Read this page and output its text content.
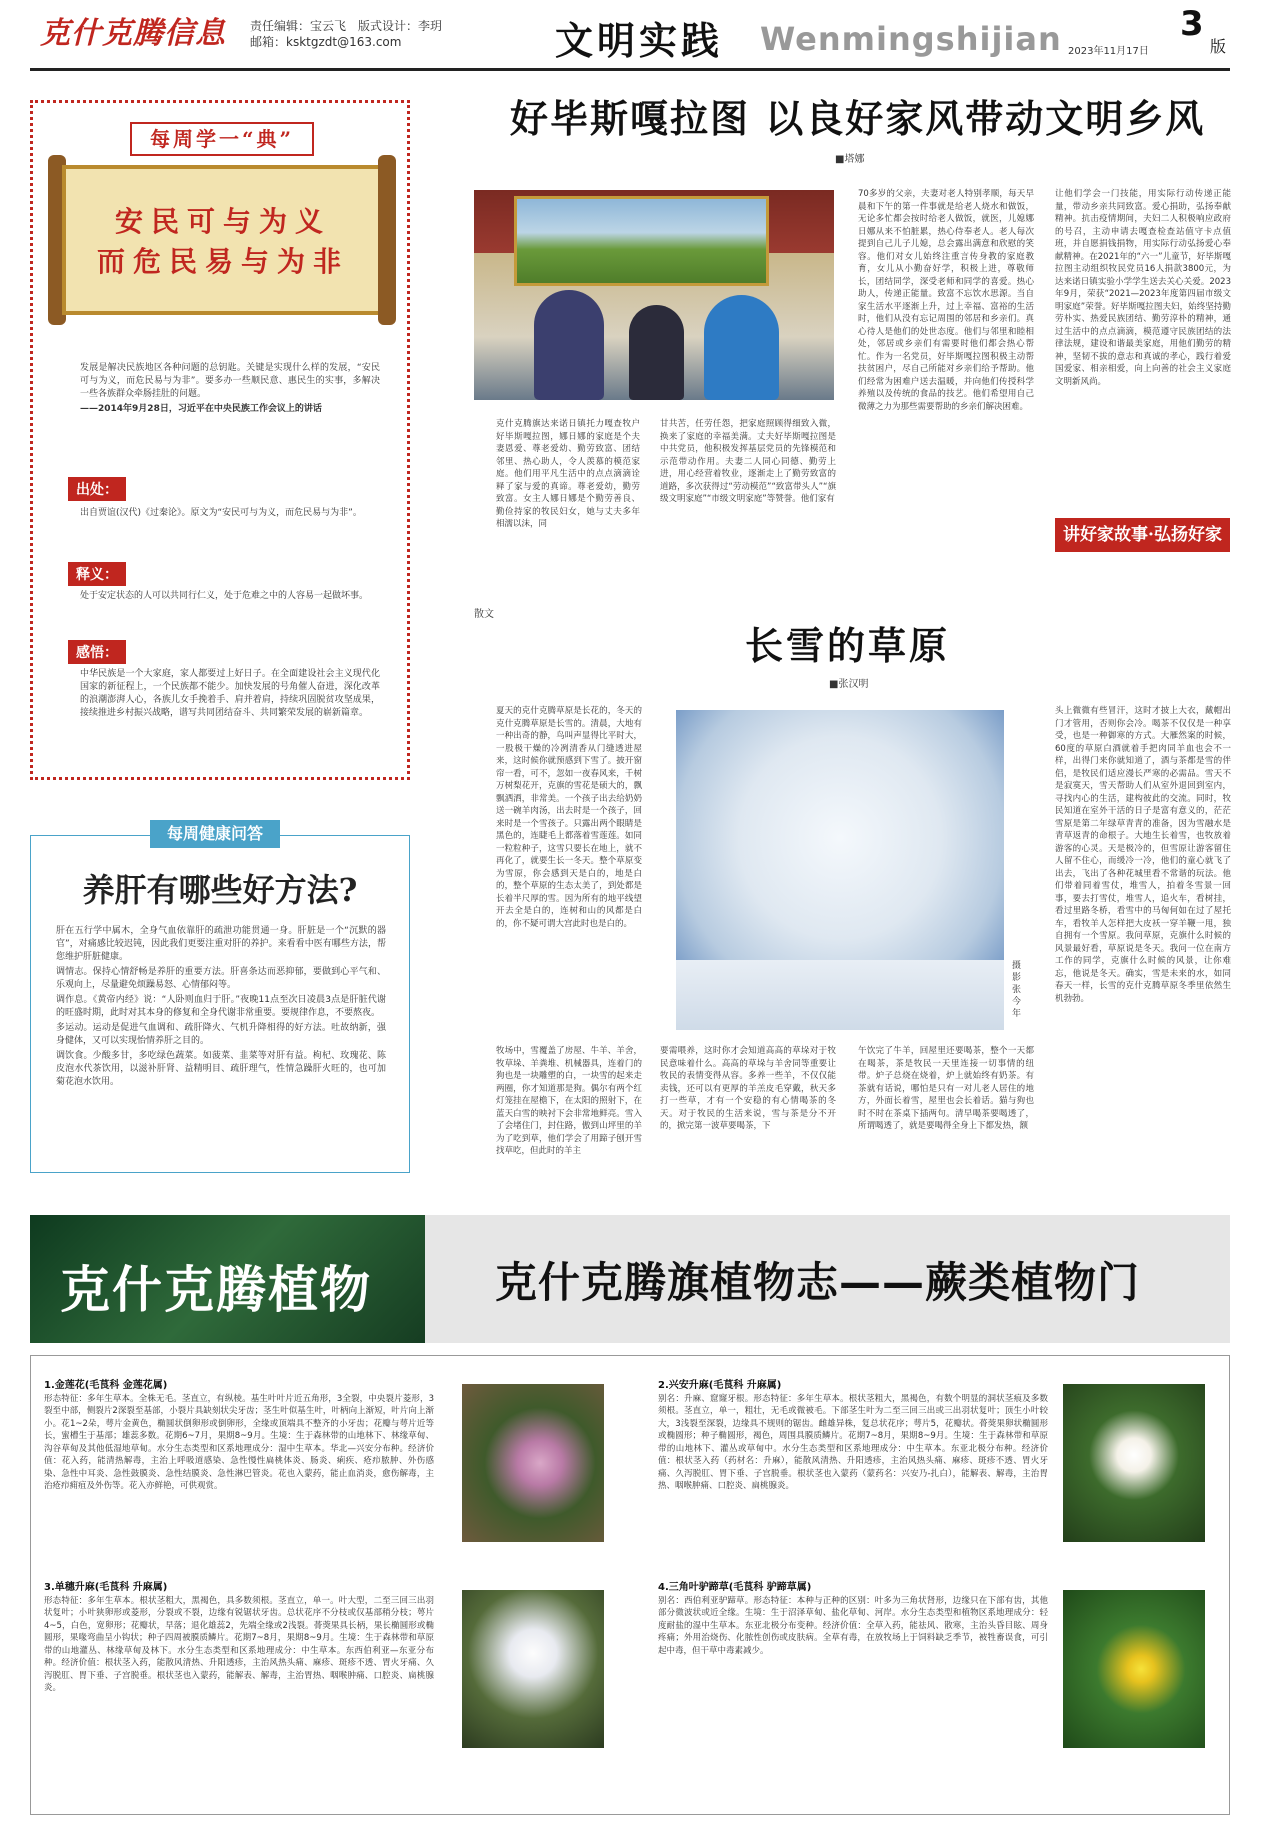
克什克腾信息 责任编辑：宝云飞　版式设计：李玥
邮箱：ksktgzdt@163.com	文明实践 Wenmingshijian 2023年11月17日
3
版
每周学一“典”
安民可与为义
而危民易与为非

发展是解决民族地区各种问题的总钥匙。关键是实现什么样的发展，“安民可与为义，而危民易与为非”。要多办一些顺民意、惠民生的实事，多解决一些各族群众牵肠挂肚的问题。

——2014年9月28日，习近平在中央民族工作会议上的讲话

出处：
出自贾谊(汉代)《过秦论》。原文为“安民可与为义，而危民易与为非”。
释义：
处于安定状态的人可以共同行仁义，处于危难之中的人容易一起做坏事。
感悟：
中华民族是一个大家庭，家人都要过上好日子。在全面建设社会主义现代化国家的新征程上，一个民族都不能少。加快发展的号角催人奋进，深化改革的浪潮澎湃人心，各族儿女手挽着手、肩并着肩，持续巩固脱贫攻坚成果，接续推进乡村振兴战略，谱写共同团结奋斗、共同繁荣发展的崭新篇章。
每周健康问答
养肝有哪些好方法?

肝在五行学中属木，全身气血依靠肝的疏泄功能贯通一身。肝脏是一个“沉默的器官”，对痛感比较迟钝，因此我们更要注重对肝的养护。来看看中医有哪些方法，帮您维护肝脏健康。

调情志。保持心情舒畅是养肝的重要方法。肝喜条达而恶抑郁，要做到心平气和、乐观向上，尽量避免烦躁易怒、心情郁闷等。

调作息。《黄帝内经》说：“人卧则血归于肝。”夜晚11点至次日凌晨3点是肝脏代谢的旺盛时期，此时对其本身的修复和全身代谢非常重要。要规律作息，不要熬夜。

多运动。运动是促进气血调和、疏肝降火、气机升降相得的好方法。吐故纳新，强身健体，又可以实现怡情养肝之目的。

调饮食。少酸多甘，多吃绿色蔬菜。如菠菜、韭菜等对肝有益。枸杞、玫瑰花、陈皮泡水代茶饮用，以滋补肝肾、益精明目、疏肝理气，性情急躁肝火旺的，也可加菊花泡水饮用。

好毕斯嘎拉图 以良好家风带动文明乡风
■塔娜
克什克腾旗达来诺日镇托力嘎查牧户好毕斯嘎拉图，娜日娜的家庭是个夫妻恩爱、尊老爱幼、勤劳致富、团结邻里、热心助人，令人羡慕的模范家庭。他们用平凡生活中的点点滴滴诠释了家与爱的真谛。尊老爱幼，勤劳致富。女主人娜日娜是个勤劳善良、勤俭持家的牧民妇女，她与丈夫多年相濡以沫，同
甘共苦，任劳任怨，把家庭照顾得细致入微，换来了家庭的幸福美满。丈夫好毕斯嘎拉图是中共党员，他积极发挥基层党员的先锋模范和示范带动作用。夫妻二人同心同德、勤劳上进，用心经营着牧业，逐渐走上了勤劳致富的道路，多次获得过“劳动模范”“致富带头人”“旗级文明家庭”“市级文明家庭”等赞誉。他们家有
70多岁的父亲，夫妻对老人特别孝顺，每天早晨和下午的第一件事就是给老人烧水和做饭，无论多忙都会按时给老人做饭，就医，儿媳娜日娜从来不怕脏累，热心侍奉老人。老人每次提到自己儿子儿媳，总会露出满意和欣慰的笑容。他们对女儿始终注重言传身教的家庭教育，女儿从小勤奋好学，积极上进，尊敬师长，团结同学，深受老师和同学的喜爱。热心助人，传递正能量。致富不忘饮水思源。当自家生活水平逐渐上升，过上幸福、富裕的生活时，他们从没有忘记周围的邻居和乡亲们。真心待人是他们的处世态度。他们与邻里和睦相处，邻居或乡亲们有需要时他们都会热心帮忙。作为一名党员，好毕斯嘎拉图积极主动帮扶贫困户，尽自己所能对乡亲们给予帮助。他们经常为困难户送去温暖，并向他们传授科学养殖以及传统的食品的技艺。他们希望用自己微薄之力为那些需要帮助的乡亲们解决困难。
让他们学会一门技能，用实际行动传递正能量，带动乡亲共同致富。爱心捐助，弘扬奉献精神。抗击疫情期间，夫妇二人积极响应政府的号召，主动申请去嘎查检查站值守卡点值班，并自愿捐钱捐物，用实际行动弘扬爱心奉献精神。在2021年的“六一”儿童节，好毕斯嘎拉图主动组织牧民党员16人捐款3800元，为达来诺日镇实验小学学生送去关心关爱。2023年9月，荣获“2021—2023年度第四届市级文明家庭”荣誉。好毕斯嘎拉图夫妇，始终坚持勤劳朴实、热爱民族团结、勤劳淳朴的精神，通过生活中的点点滴滴，模范遵守民族团结的法律法规，建设和谐最美家庭，用他们勤劳的精神，坚韧不拔的意志和真诚的孝心，践行着爱国爱家、相亲相爱，向上向善的社会主义家庭文明新风尚。
讲好家故事·弘扬好家风
散文
长雪的草原
■张汉明
摄影 张今年
夏天的克什克腾草原是长花的，冬天的克什克腾草原是长雪的。清晨，大地有一种出奇的静，鸟叫声显得比平时大，一股极干燥的冷冽清香从门缝透进屋来，这时候你就预感到下雪了。披开窗帘一看，可不，忽如一夜春风来，千树万树梨花开，克旗的雪花是硕大的，飘飘洒洒，非常美。一个孩子出去给奶奶送一碗羊肉汤，出去时是一个孩子，回来时是一个雪孩子。只露出两个眼睛是黑色的，连睫毛上都落着雪莲莲。如同一粒粒种子，这雪只要长在地上，就不再化了，就要生长一冬天。整个草原变为雪原，你会感到天是白的，地是白的，整个草原的生态太美了，到处都是长着半尺厚的雪。因为所有的地平线望开去全是白的，连树和山的风都是白的，你不疑可谓大宫此时也是白的。
牧场中，雪覆盖了房屋、牛羊、羊舍，牧草垛、羊粪堆、机械器具，连着门的狗也是一块雕塑的白，一块雪的起来走两圈，你才知道那是狗。偶尔有两个红灯笼挂在屋檐下，在太阳的照射下，在蓝天白雪的映衬下会非常地鲜亮。雪入了会堵住门，封住路，傲到山坪里的羊为了吃到草，他们学会了用蹄子刨开雪找草吃，但此时的羊主
要需喂养，这时你才会知道高高的草垛对于牧民意味着什么。高高的草垛与羊舍同等重要让牧民的表情变得从容。多养一些羊，不仅仅能卖钱，还可以有更厚的羊羔皮毛穿戴，秋天多打一些草，才有一个安稳的有心情喝茶的冬天。对于牧民的生活来说，雪与茶是分不开的，掀完第一波草要喝茶，下
午饮完了牛羊，回屋里还要喝茶，整个一天都在喝茶，茶是牧民一天里连接一切事情的纽带。炉子总烧在烧着，炉上就始终有奶茶。有茶就有话说，哪怕是只有一对儿老人居住的地方，外面长着雪，屋里也会长着话。猫与狗也时不时在茶桌下插两句。清早喝茶要喝透了，所谓喝透了，就是要喝得全身上下都发热，额
头上微微有些冒汗，这时才披上大衣，戴帽出门才管用，否则你会冷。喝茶不仅仅是一种享受，也是一种御寒的方式。大雁然案的时候，60度的草原白酒就着手把肉同羊血也会不一样，出得门来你就知道了，酒与茶都是雪的伴侣，是牧民们适应漫长严寒的必需品。雪天不是寂寞天，雪天帮助人们从室外退回到室内，寻找内心的生活，建构彼此的交流。同时，牧民知道在室外干活的日子是富有意义的，茫茫雪原是第二年绿草青青的准备，因为雪融水是青草返青的命根子。大地生长着雪，也牧放着游客的心灵。天是极冷的，但雪原让游客留住人留不住心，而缓冷一冷，他们的童心就飞了出去，飞出了各种花城里看不常谐的玩法。他们带着同着雪仗，堆雪人，拍着冬雪景一回事，要去打雪仗，堆雪人，追火车，看树挂，看过里路冬桥，看雪中的马匈何如在过了屋托车，看牧羊人怎样把大皮袄一穿羊鞭一甩，独自拥有一个雪原。我问草原，克旗什么时候的风景最好看，草原说是冬天。我问一位在南方工作的同学，克旗什么时候的风景，让你难忘，他说是冬天。确实，雪是未来的水，如同春天一样，长雪的克什克腾草原冬季里依然生机勃勃。
克什克腾植物	克什克腾旗植物志——蕨类植物门
1.金莲花(毛茛科 金莲花属)
形态特征：多年生草本。全株无毛。茎直立，有纵棱。基生叶叶片近五角形，3全裂，中央裂片菱形，3裂至中部，侧裂片2深裂至基部，小裂片具缺刻状尖牙齿；茎生叶似基生叶，叶柄向上渐短，叶片向上渐小。花1~2朵，萼片金黄色，椭圆状倒卵形或倒卵形，全缘或顶端具不整齐的小牙齿；花瓣与萼片近等长，蜜槽生于基部；雄蕊多数。花期6~7月，果期8~9月。生境：生于森林带的山地林下、林缘草甸、沟谷草甸及其他低湿地草甸。水分生态类型和区系地理成分：湿中生草本。华北—兴安分布种。经济价值：花入药，能清热解毒，主治上呼吸道感染、急性慢性扁桃体炎、肠炎、痢疾、疮疖脓肿、外伤感染、急性中耳炎、急性鼓膜炎、急性结膜炎、急性淋巴管炎。花也入蒙药，能止血消炎，愈伤解毒，主治疮疖痈疽及外伤等。花入亦鲜艳，可供观赏。
2.兴安升麻(毛茛科 升麻属)
别名：升麻、窟窿牙根。形态特征：多年生草本。根状茎粗大，黑褐色，有数个明显的洞状茎痕及多数须根。茎直立，单一，粗壮，无毛或微被毛。下部茎生叶为二至三回三出或三出羽状复叶；顶生小叶较大，3浅裂至深裂，边缘具不规则的锯齿。雌雄异株，复总状花序；萼片5，花瓣状。蓇葖果卵状椭圆形或椭圆形；种子椭圆形，褐色，周围具膜质鳞片。花期7~8月，果期8~9月。生境：生于森林带和草原带的山地林下、灌丛或草甸中。水分生态类型和区系地理成分：中生草本。东亚北极分布种。经济价值：根状茎入药（药材名：升麻），能散风清热、升阳透疹，主治风热头痛、麻疹、斑疹不透、胃火牙痛、久泻脱肛、胃下垂、子宫脱垂。根状茎也入蒙药（蒙药名：兴安乃-扎白），能解表、解毒，主治胃热、咽喉肿痛、口腔炎、扁桃腺炎。
3.单穗升麻(毛茛科 升麻属)
形态特征：多年生草本。根状茎粗大，黑褐色，具多数须根。茎直立，单一。叶大型，二至三回三出羽状复叶；小叶狭卵形或菱形，分裂或不裂，边缘有锐锯状牙齿。总状花序不分枝或仅基部稍分枝；萼片4~5，白色，宽卵形；花瓣状，早落；退化雄蕊2，先端全缘或2浅裂。蓇葖果具长柄，果长椭圆形或椭圆形，果喙弯曲呈小钩状；种子四周被膜质鳞片。花期7~8月，果期8~9月。生境：生于森林带和草原带的山地灌丛、林缘草甸及林下。水分生态类型和区系地理成分：中生草本。东西伯利亚—东亚分布种。经济价值：根状茎入药，能散风清热、升阳透疹，主治风热头痛、麻疹、斑疹不透、胃火牙痛、久泻脱肛、胃下垂、子宫脱垂。根状茎也入蒙药，能解表、解毒，主治胃热、咽喉肿痛、口腔炎、扁桃腺炎。
4.三角叶驴蹄草(毛茛科 驴蹄草属)
别名：西伯利亚驴蹄草。形态特征：本种与正种的区别：叶多为三角状肾形，边缘只在下部有齿，其他部分微波状或近全缘。生境：生于沼泽草甸、盐化草甸、河岸。水分生态类型和植物区系地理成分：轻度耐盐的湿中生草本。东亚北极分布变种。经济价值：全草入药，能祛风、散寒，主治头昏目眩、周身疼痛；外用治烧伤、化脓性创伤或皮肤病。全草有毒，在放牧场上于饲料缺乏季节，被牲畜误食，可引起中毒，但干草中毒素减少。
